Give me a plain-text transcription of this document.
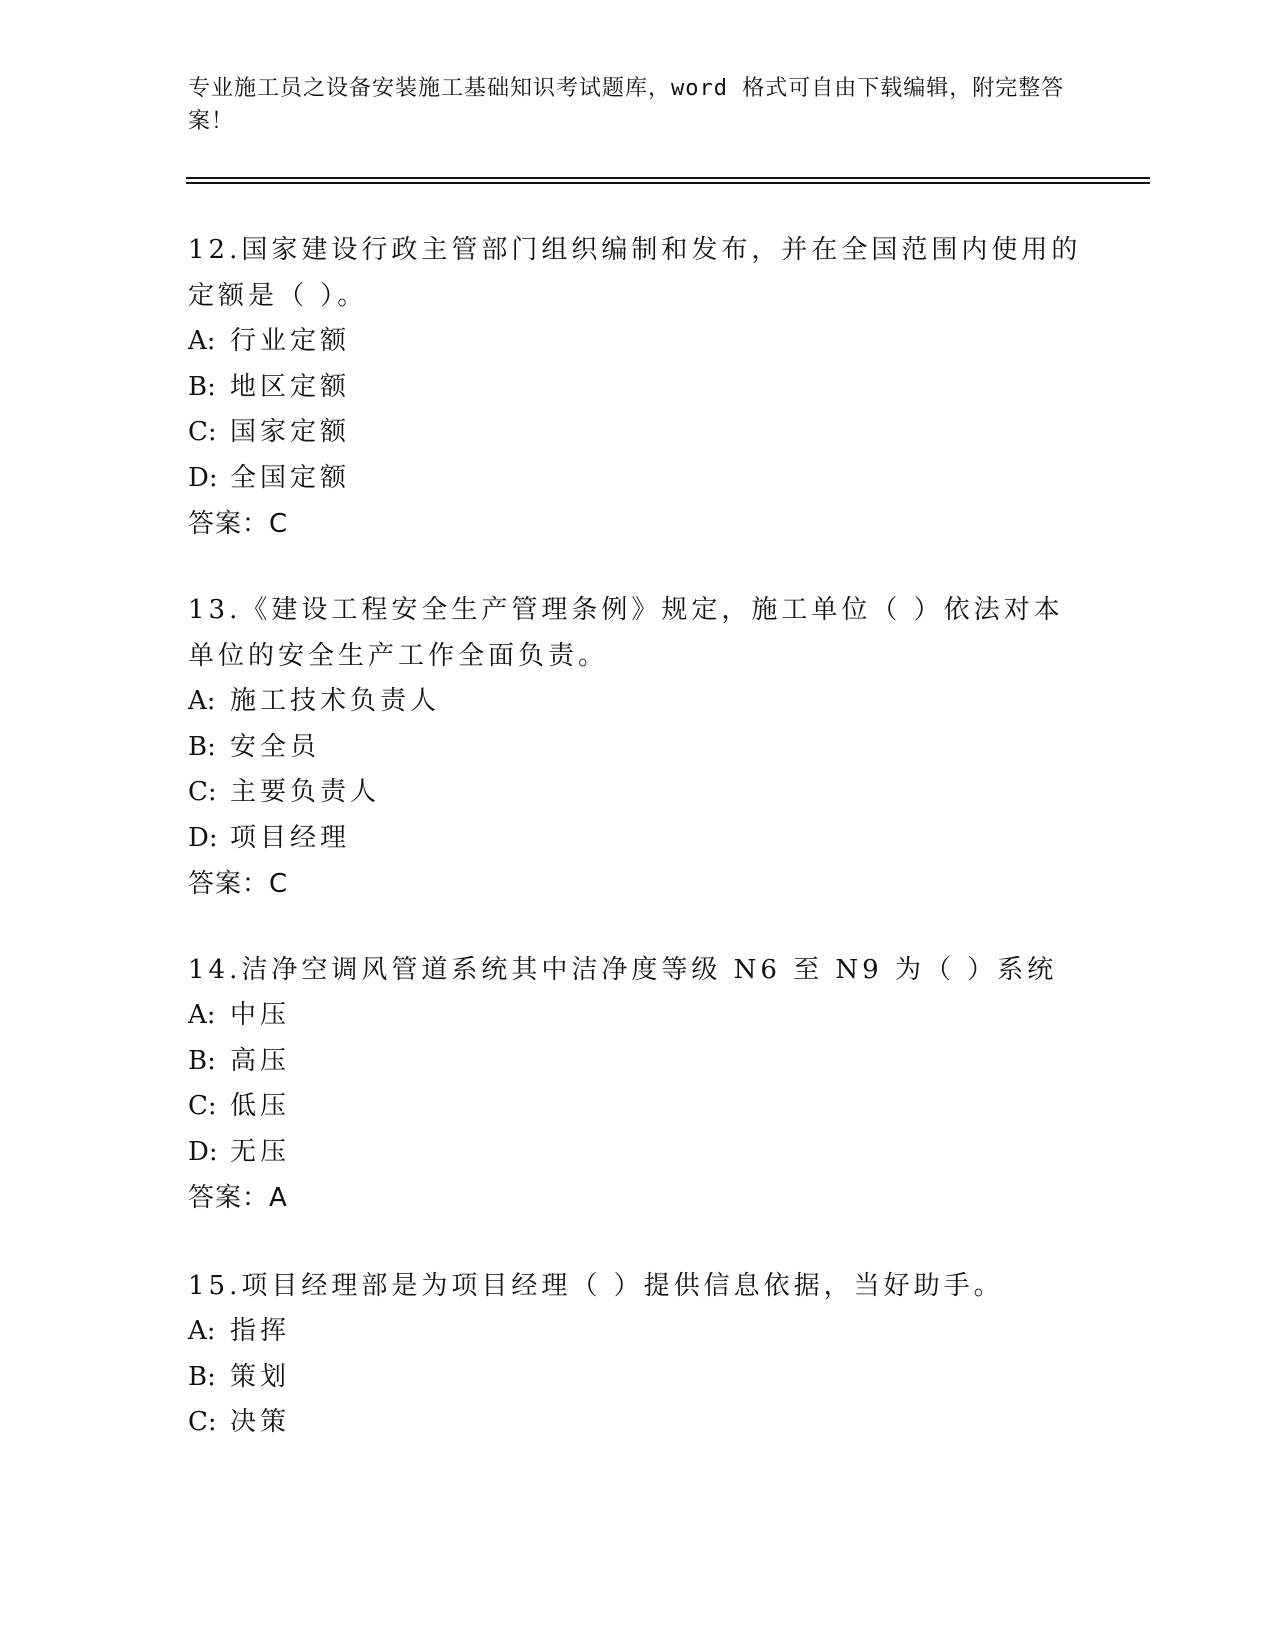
专业施工员之设备安装施工基础知识考试题库，word 格式可自由下载编辑，附完整答案！

12.国家建设行政主管部门组织编制和发布，并在全国范围内使用的定额是（ ）。

A: 行业定额

B: 地区定额

C: 国家定额

D: 全国定额

答案：C

13.《建设工程安全生产管理条例》规定，施工单位（ ）依法对本单位的安全生产工作全面负责。

A: 施工技术负责人

B: 安全员

C: 主要负责人

D: 项目经理

答案：C

14.洁净空调风管道系统其中洁净度等级 N6 至 N9 为（ ）系统

A: 中压

B: 高压

C: 低压

D: 无压

答案：A

15.项目经理部是为项目经理（ ）提供信息依据，当好助手。

A: 指挥

B: 策划

C: 决策
